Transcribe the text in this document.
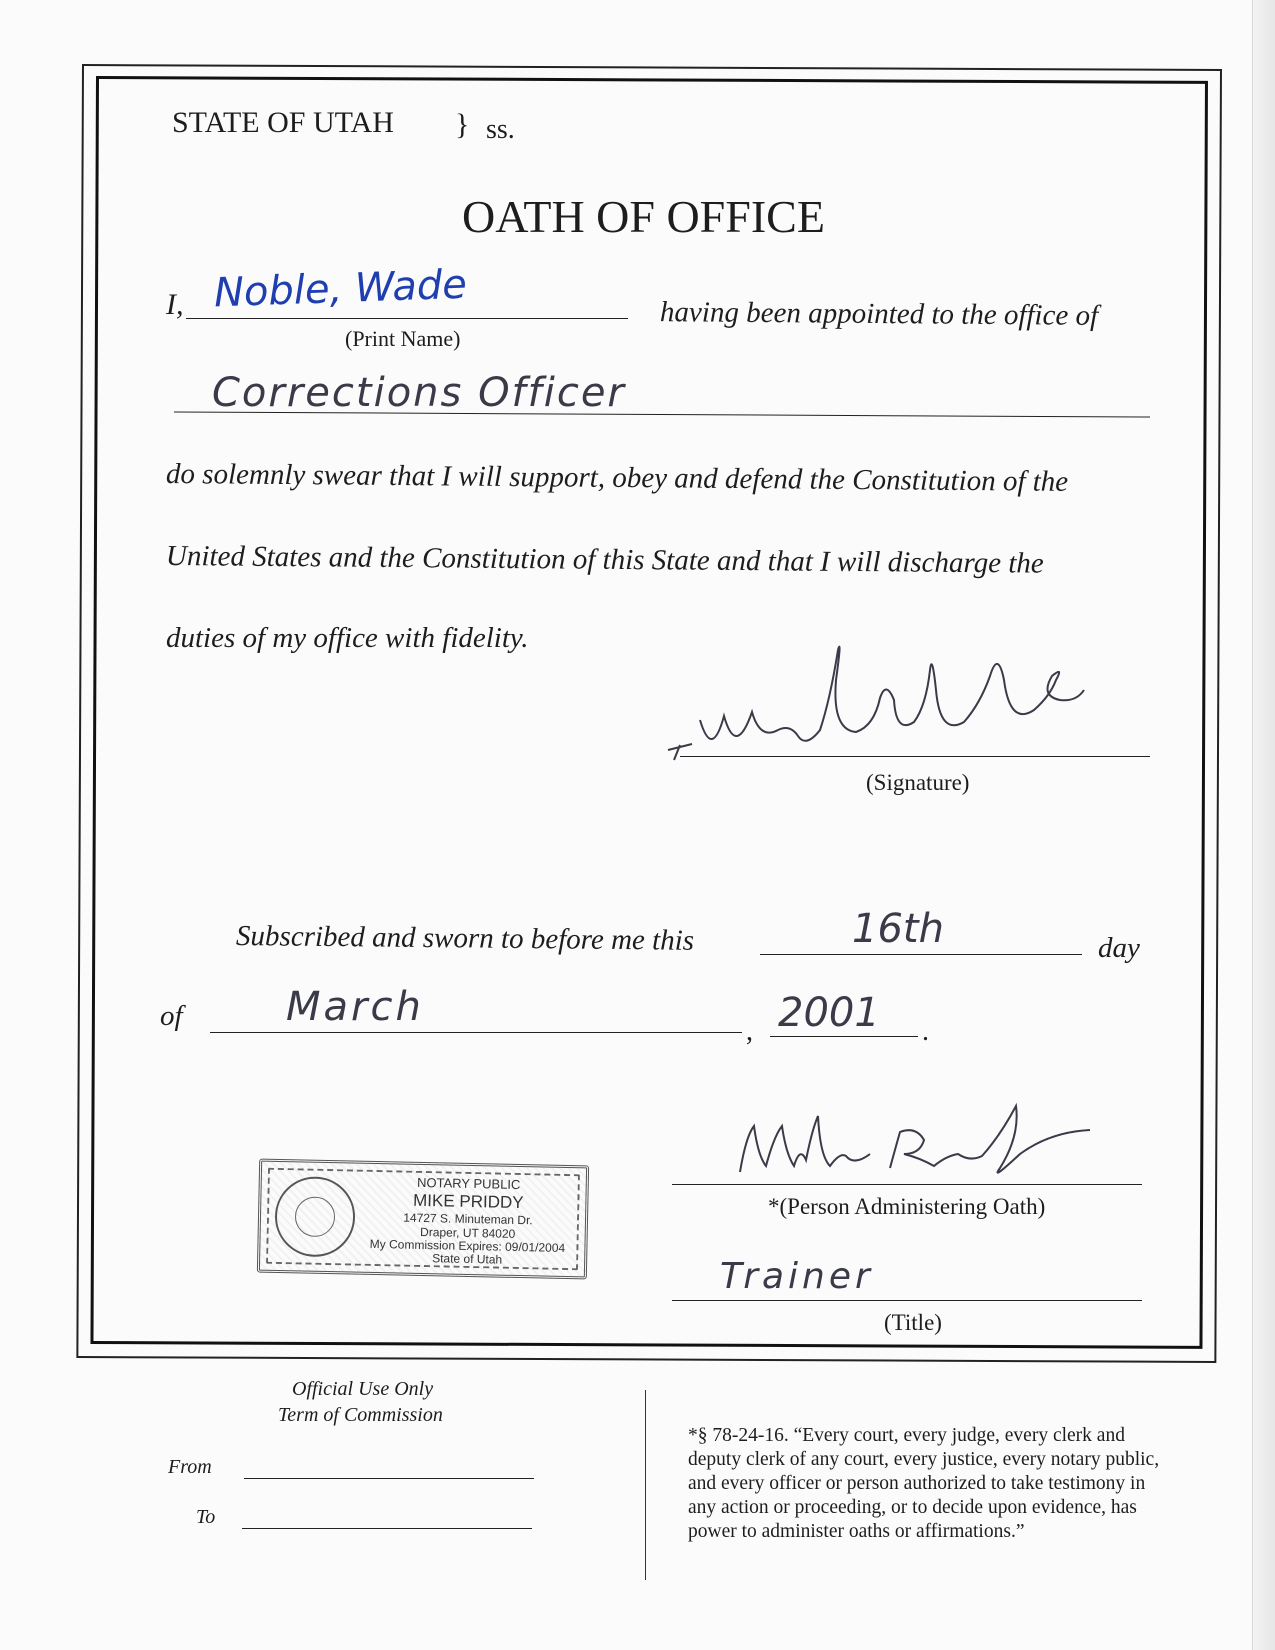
STATE OF UTAH } ss.
OATH OF OFFICE
I, Noble, Wade
(Print Name)
having been appointed to the office of
Corrections Officer
do solemnly swear that I will support, obey and defend the Constitution of the
United States and the Constitution of this State and that I will discharge the
duties of my office with fidelity.
(Signature)
Subscribed and sworn to before me this	16th	day
of	March
, 2001 .
NOTARY PUBLIC
MIKE PRIDDY
14727 S. Minuteman Dr.
Draper, UT 84020
My Commission Expires: 09/01/2004
State of Utah
*(Person Administering Oath)
Trainer
(Title)
Official Use Only
Term of Commission
From
To

*§ 78-24-16. “Every court, every judge, every clerk and

deputy clerk of any court, every justice, every notary public,

and every officer or person authorized to take testimony in

any action or proceeding, or to decide upon evidence, has

power to administer oaths or affirmations.”
